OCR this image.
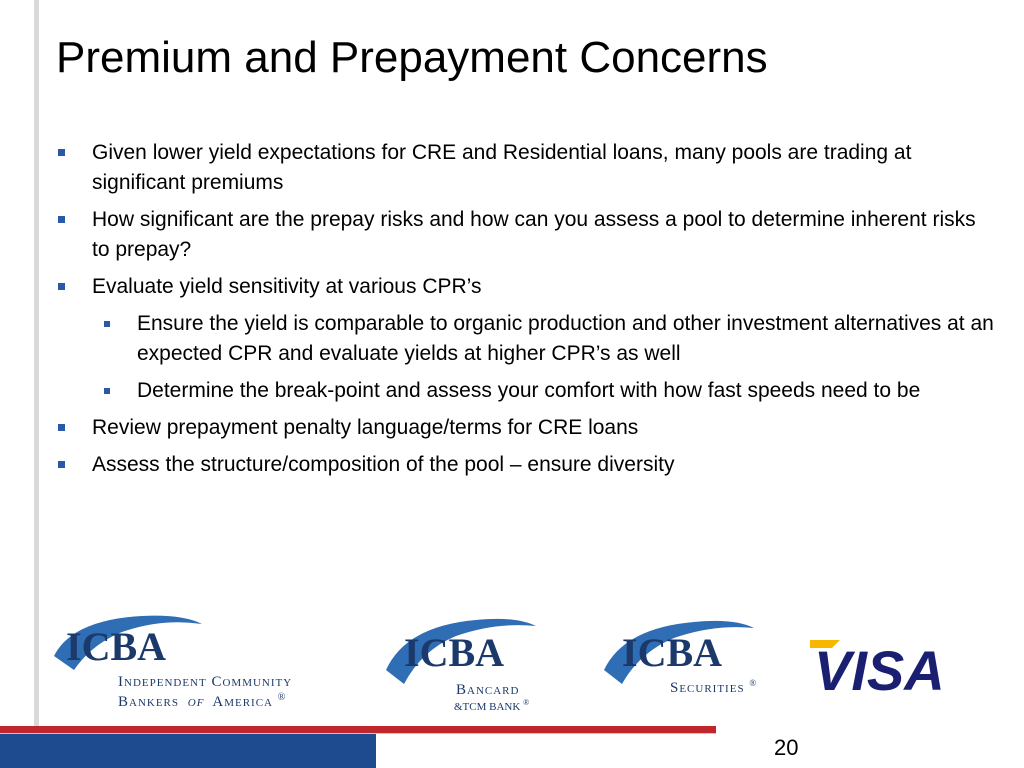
Premium and Prepayment Concerns
Given lower yield expectations for CRE and Residential loans, many pools are trading at significant premiums
How significant are the prepay risks and how can you assess a pool to determine inherent risks to prepay?
Evaluate yield sensitivity at various CPR’s
Ensure the yield is comparable to organic production and other investment alternatives at an expected CPR and evaluate yields at higher CPR’s as well
Determine the break-point and assess your comfort with how fast speeds need to be
Review prepayment penalty language/terms for CRE loans
Assess the structure/composition of the pool – ensure diversity
ICBA
Independent Community
Bankers of America ®
ICBA
Bancard
&TCM BANK ®
ICBA
Securities ® VISA
20
